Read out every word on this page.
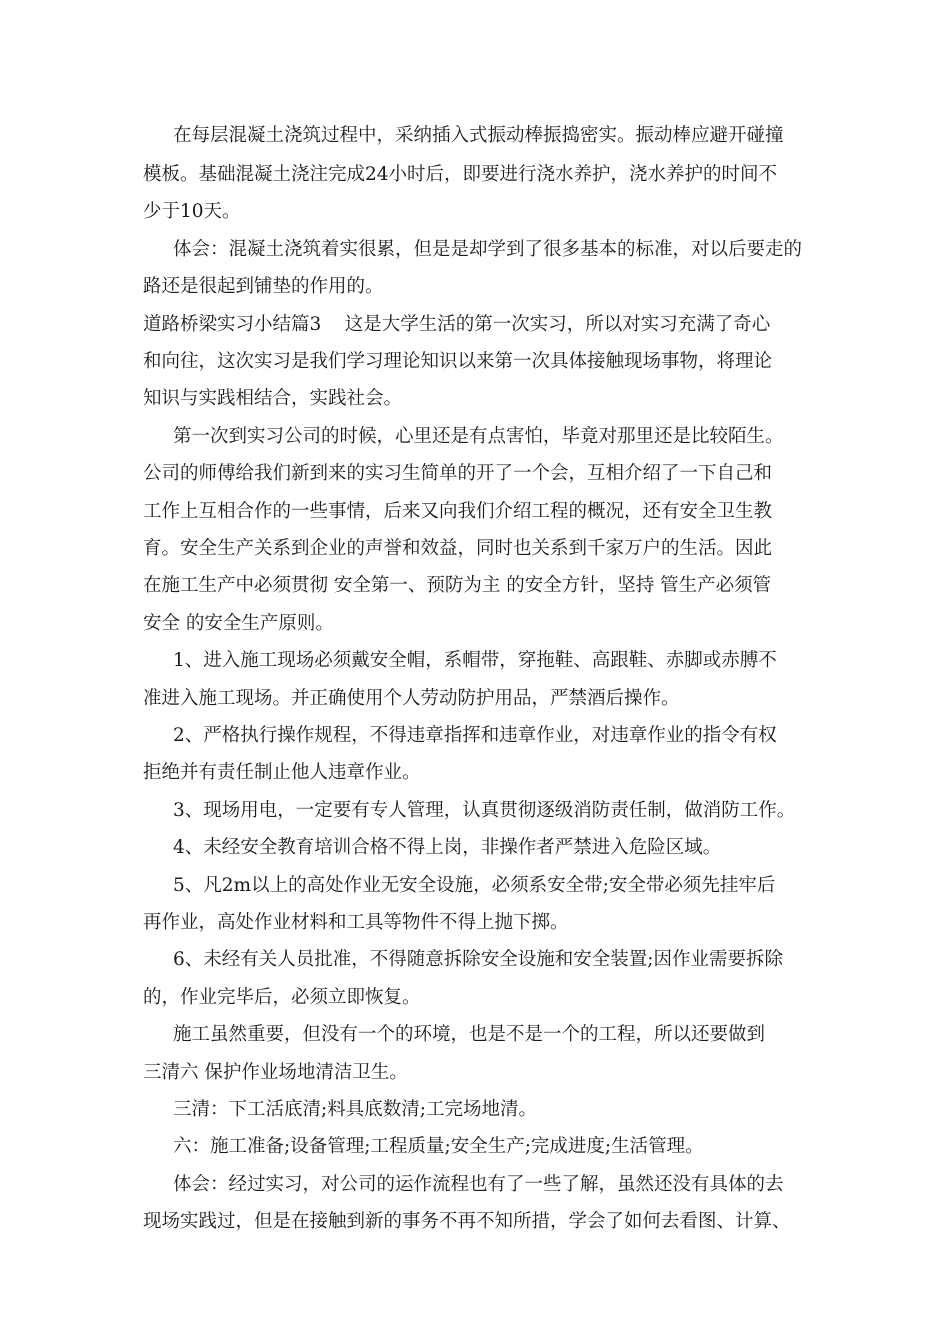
在每层混凝土浇筑过程中，采纳插入式振动棒振捣密实。振动棒应避开碰撞
模板。基础混凝土浇注完成24小时后，即要进行浇水养护，浇水养护的时间不
少于10天。
体会：混凝土浇筑着实很累，但是是却学到了很多基本的标准，对以后要走的
路还是很起到铺垫的作用的。
道路桥梁实习小结篇3    这是大学生活的第一次实习，所以对实习充满了奇心
和向往，这次实习是我们学习理论知识以来第一次具体接触现场事物，将理论
知识与实践相结合，实践社会。
第一次到实习公司的时候，心里还是有点害怕，毕竟对那里还是比较陌生。
公司的师傅给我们新到来的实习生简单的开了一个会，互相介绍了一下自己和
工作上互相合作的一些事情，后来又向我们介绍工程的概况，还有安全卫生教
育。安全生产关系到企业的声誉和效益，同时也关系到千家万户的生活。因此
在施工生产中必须贯彻 安全第一、预防为主 的安全方针，坚持 管生产必须管
安全 的安全生产原则。
1、进入施工现场必须戴安全帽，系帽带，穿拖鞋、高跟鞋、赤脚或赤膊不
准进入施工现场。并正确使用个人劳动防护用品，严禁酒后操作。
2、严格执行操作规程，不得违章指挥和违章作业，对违章作业的指令有权
拒绝并有责任制止他人违章作业。
3、现场用电，一定要有专人管理，认真贯彻逐级消防责任制，做消防工作。
4、未经安全教育培训合格不得上岗，非操作者严禁进入危险区域。
5、凡2m以上的高处作业无安全设施，必须系安全带;安全带必须先挂牢后
再作业，高处作业材料和工具等物件不得上抛下掷。
6、未经有关人员批准，不得随意拆除安全设施和安全装置;因作业需要拆除
的，作业完毕后，必须立即恢复。
施工虽然重要，但没有一个的环境，也是不是一个的工程，所以还要做到
三清六 保护作业场地清洁卫生。
三清：下工活底清;料具底数清;工完场地清。
六：施工准备;设备管理;工程质量;安全生产;完成进度;生活管理。
体会：经过实习，对公司的运作流程也有了一些了解，虽然还没有具体的去
现场实践过，但是在接触到新的事务不再不知所措，学会了如何去看图、计算、
